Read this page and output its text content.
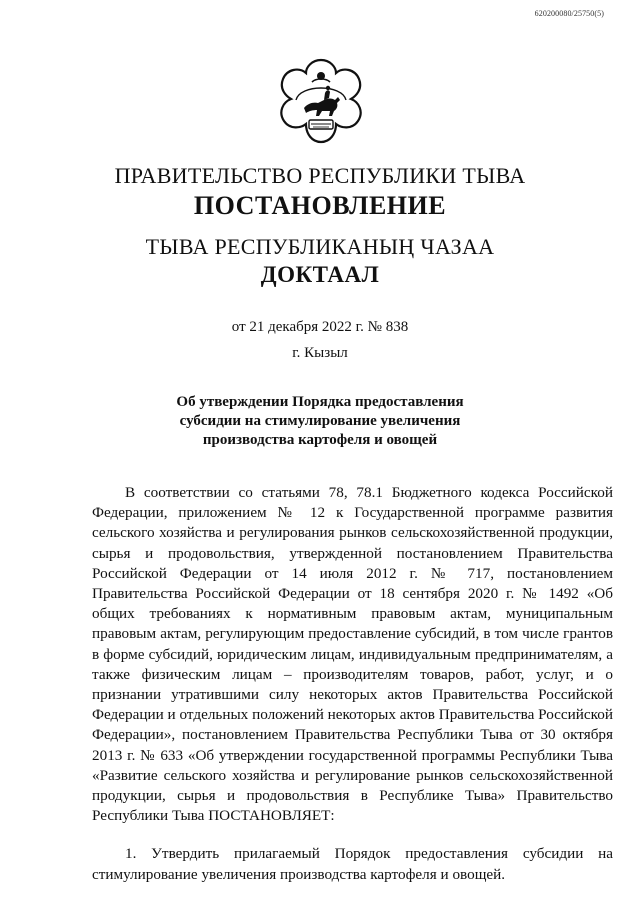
620200080/25750(5)
ПРАВИТЕЛЬСТВО РЕСПУБЛИКИ ТЫВА
ПОСТАНОВЛЕНИЕ
ТЫВА РЕСПУБЛИКАНЫҢ ЧАЗАА
ДОКТААЛ
от 21 декабря 2022 г. № 838
г. Кызыл
Об утверждении Порядка предоставления
субсидии на стимулирование увеличения
производства картофеля и овощей

В соответствии со статьями 78, 78.1 Бюджетного кодекса Российской Федерации, приложением № 12 к Государственной программе развития сельского хозяйства и регулирования рынков сельскохозяйственной продукции, сырья и продовольствия, утвержденной постановлением Правительства Российской Федерации от 14 июля 2012 г. № 717, постановлением Правительства Российской Федерации от 18 сентября 2020 г. № 1492 «Об общих требованиях к нормативным правовым актам, муниципальным правовым актам, регулирующим предоставление субсидий, в том числе грантов в форме субсидий, юридическим лицам, индивидуальным предпринимателям, а также физическим лицам – производителям товаров, работ, услуг, и о признании утратившими силу некоторых актов Правительства Российской Федерации и отдельных положений некоторых актов Правительства Российской Федерации», постановлением Правительства Республики Тыва от 30 октября 2013 г. № 633 «Об утверждении государственной программы Республики Тыва «Развитие сельского хозяйства и регулирование рынков сельскохозяйственной продукции, сырья и продовольствия в Республике Тыва» Правительство Республики Тыва ПОСТАНОВЛЯЕТ:

1. Утвердить прилагаемый Порядок предоставления субсидии на стимулирование увеличения производства картофеля и овощей.
